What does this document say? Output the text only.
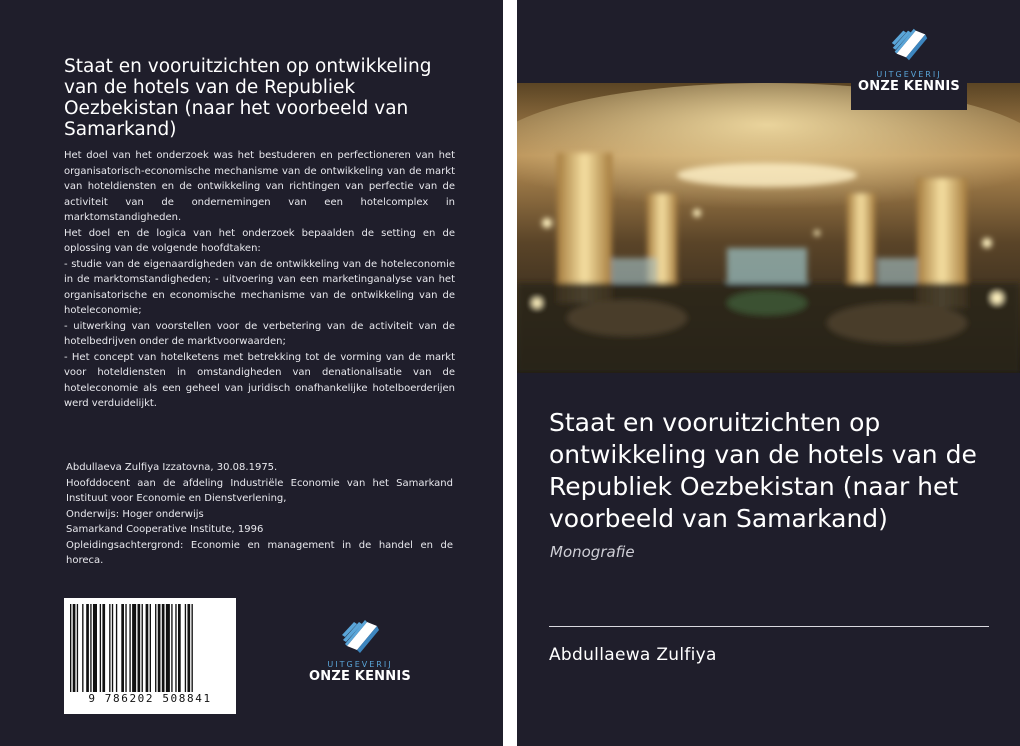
Staat en vooruitzichten op ontwikkeling van de hotels van de Republiek Oezbekistan (naar het voorbeeld van Samarkand)

Het doel van het onderzoek was het bestuderen en perfectioneren van het organisatorisch-economische mechanisme van de ontwikkeling van de markt van hoteldiensten en de ontwikkeling van richtingen van perfectie van de activiteit van de ondernemingen van een hotelcomplex in marktomstandigheden.

Het doel en de logica van het onderzoek bepaalden de setting en de oplossing van de volgende hoofdtaken:

- studie van de eigenaardigheden van de ontwikkeling van de hoteleconomie in de marktomstandigheden; - uitvoering van een marketinganalyse van het organisatorische en economische mechanisme van de ontwikkeling van de hoteleconomie;

- uitwerking van voorstellen voor de verbetering van de activiteit van de hotelbedrijven onder de marktvoorwaarden;

- Het concept van hotelketens met betrekking tot de vorming van de markt voor hoteldiensten in omstandigheden van denationalisatie van de hoteleconomie als een geheel van juridisch onafhankelijke hotelboerderijen werd verduidelijkt.

Abdullaeva Zulfiya Izzatovna, 30.08.1975.

Hoofddocent aan de afdeling Industriële Economie van het Samarkand Instituut voor Economie en Dienstverlening,

Onderwijs: Hoger onderwijs

Samarkand Cooperative Institute, 1996

Opleidingsachtergrond: Economie en management in de handel en de horeca.

9 786202 508841
UITGEVERIJ
ONZE KENNIS
UITGEVERIJ
ONZE KENNIS
Staat en vooruitzichten op ontwikkeling van de hotels van de Republiek Oezbekistan (naar het voorbeeld van Samarkand)
Monografie
Abdullaewa Zulfiya
